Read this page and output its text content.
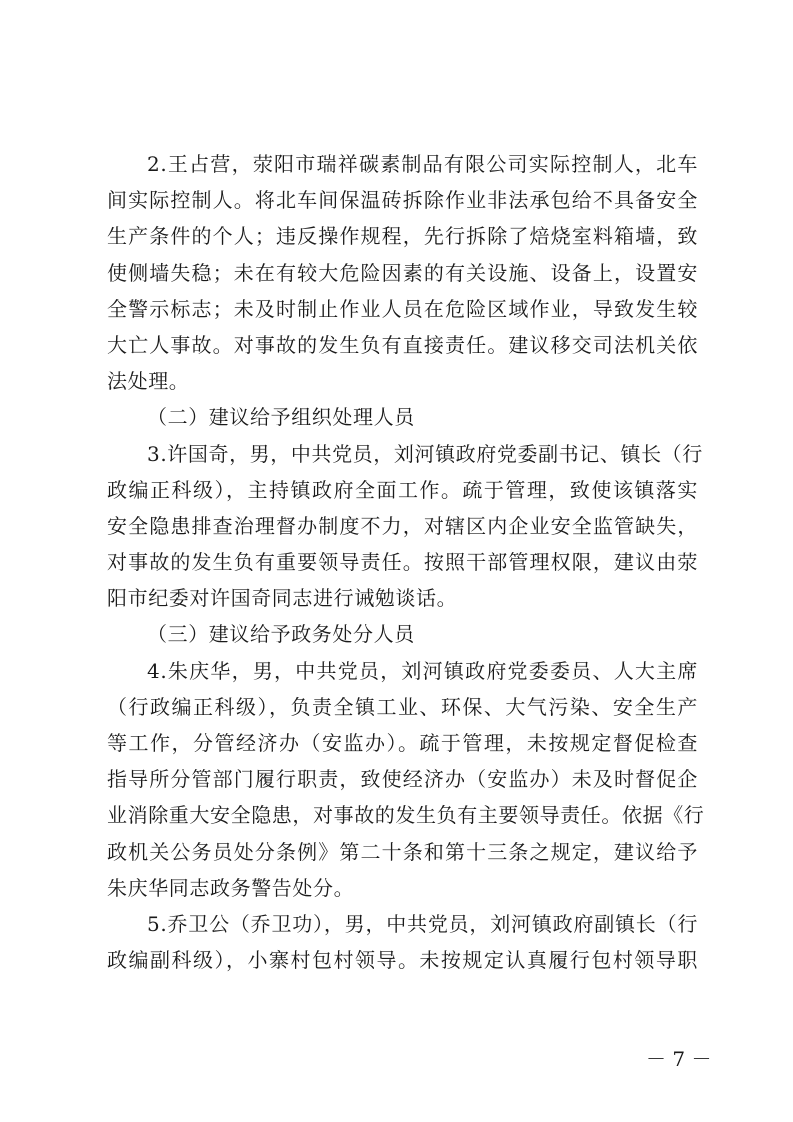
2.王占营，荥阳市瑞祥碳素制品有限公司实际控制人，北车
间实际控制人。将北车间保温砖拆除作业非法承包给不具备安全
生产条件的个人；违反操作规程，先行拆除了焙烧室料箱墙，致
使侧墙失稳；未在有较大危险因素的有关设施、设备上，设置安
全警示标志；未及时制止作业人员在危险区域作业，导致发生较
大亡人事故。对事故的发生负有直接责任。建议移交司法机关依
法处理。
（二）建议给予组织处理人员
3.许国奇，男，中共党员，刘河镇政府党委副书记、镇长（行
政编正科级），主持镇政府全面工作。疏于管理，致使该镇落实
安全隐患排查治理督办制度不力，对辖区内企业安全监管缺失，
对事故的发生负有重要领导责任。按照干部管理权限，建议由荥
阳市纪委对许国奇同志进行诫勉谈话。
（三）建议给予政务处分人员
4.朱庆华，男，中共党员，刘河镇政府党委委员、人大主席
（行政编正科级），负责全镇工业、环保、大气污染、安全生产
等工作，分管经济办（安监办）。疏于管理，未按规定督促检查
指导所分管部门履行职责，致使经济办（安监办）未及时督促企
业消除重大安全隐患，对事故的发生负有主要领导责任。依据《行
政机关公务员处分条例》第二十条和第十三条之规定，建议给予
朱庆华同志政务警告处分。
5.乔卫公（乔卫功），男，中共党员，刘河镇政府副镇长（行
政编副科级），小寨村包村领导。未按规定认真履行包村领导职
－ 7 －
